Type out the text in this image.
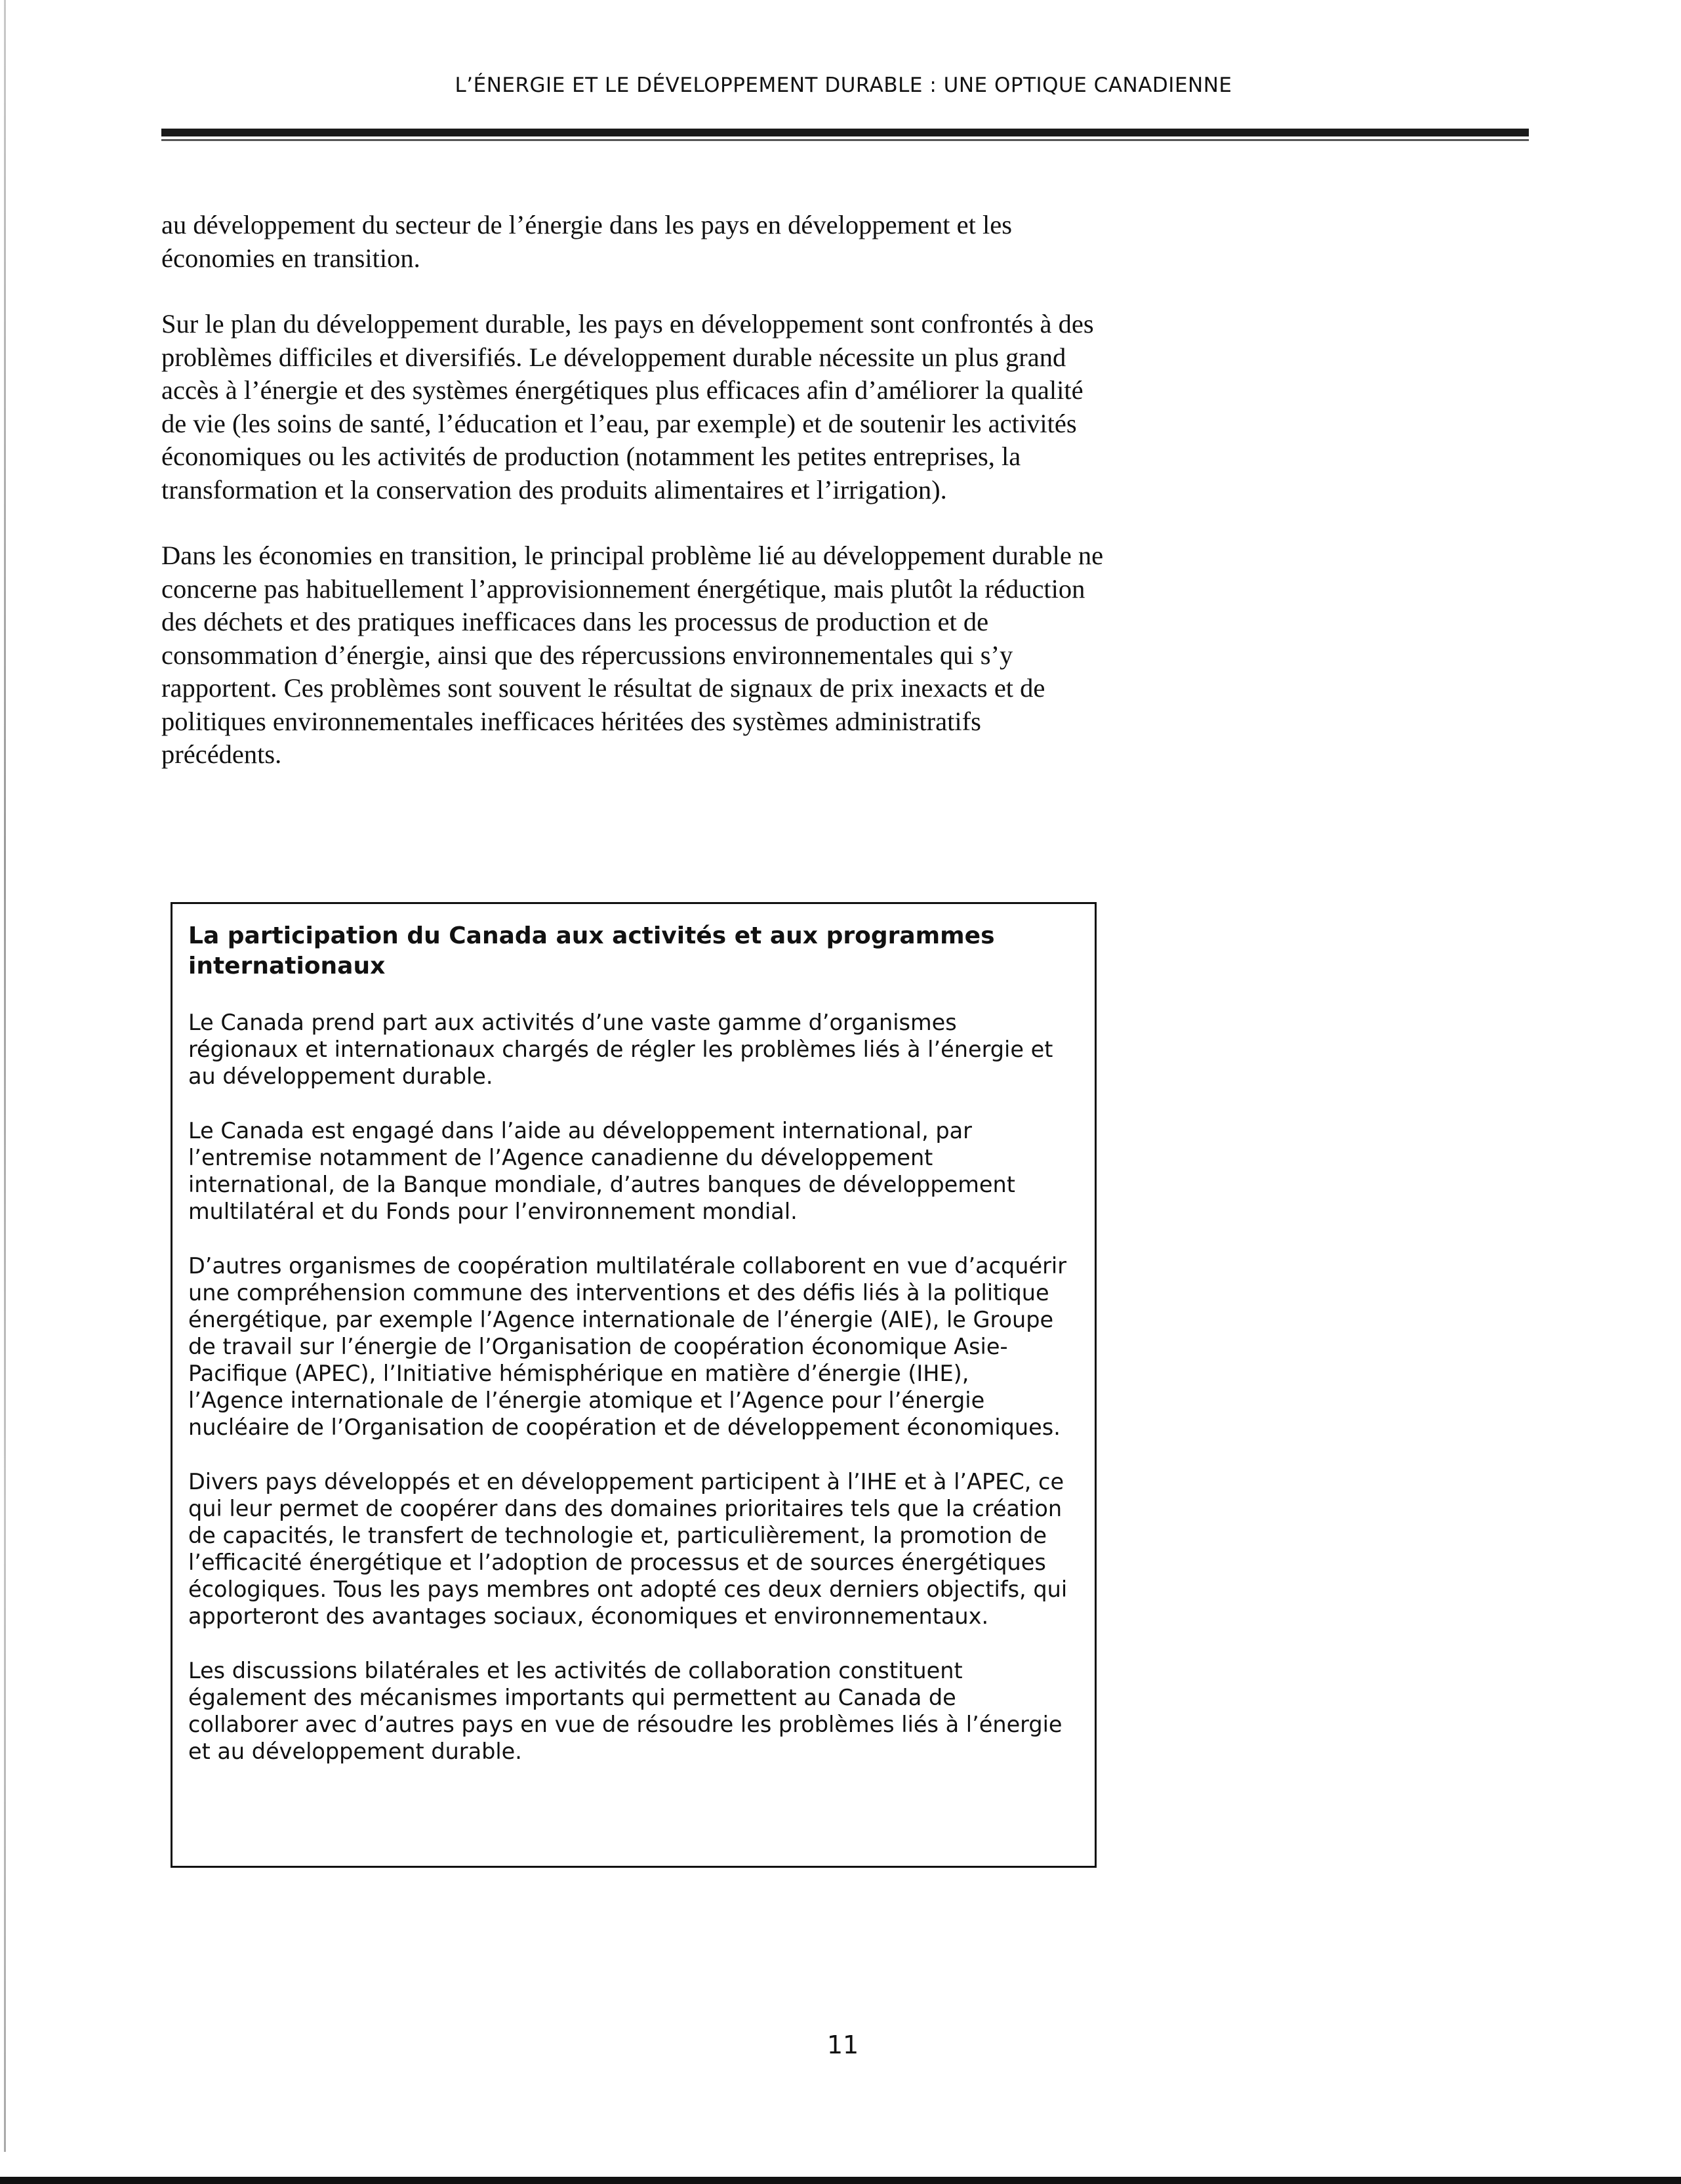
L’ÉNERGIE ET LE DÉVELOPPEMENT DURABLE : UNE OPTIQUE CANADIENNE

au développement du secteur de l’énergie dans les pays en développement et les économies en transition.

Sur le plan du développement durable, les pays en développement sont confrontés à des problèmes difficiles et diversifiés. Le développement durable nécessite un plus grand accès à l’énergie et des systèmes énergétiques plus efficaces afin d’améliorer la qualité de vie (les soins de santé, l’éducation et l’eau, par exemple) et de soutenir les activités économiques ou les activités de production (notamment les petites entreprises, la transformation et la conservation des produits alimentaires et l’irrigation).

Dans les économies en transition, le principal problème lié au développement durable ne concerne pas habituellement l’approvisionnement énergétique, mais plutôt la réduction des déchets et des pratiques inefficaces dans les processus de production et de consommation d’énergie, ainsi que des répercussions environnementales qui s’y rapportent. Ces problèmes sont souvent le résultat de signaux de prix inexacts et de politiques environnementales inefficaces héritées des systèmes administratifs précédents.

La participation du Canada aux activités et aux programmes internationaux

Le Canada prend part aux activités d’une vaste gamme d’organismes régionaux et internationaux chargés de régler les problèmes liés à l’énergie et au développement durable.

Le Canada est engagé dans l’aide au développement international, par l’entremise notamment de l’Agence canadienne du développement international, de la Banque mondiale, d’autres banques de développement multilatéral et du Fonds pour l’environnement mondial.

D’autres organismes de coopération multilatérale collaborent en vue d’acquérir une compréhension commune des interventions et des défis liés à la politique énergétique, par exemple l’Agence internationale de l’énergie (AIE), le Groupe de travail sur l’énergie de l’Organisation de coopération économique Asie-Pacifique (APEC), l’Initiative hémisphérique en matière d’énergie (IHE), l’Agence internationale de l’énergie atomique et l’Agence pour l’énergie nucléaire de l’Organisation de coopération et de développement économiques.

Divers pays développés et en développement participent à l’IHE et à l’APEC, ce qui leur permet de coopérer dans des domaines prioritaires tels que la création de capacités, le transfert de technologie et, particulièrement, la promotion de l’efficacité énergétique et l’adoption de processus et de sources énergétiques écologiques. Tous les pays membres ont adopté ces deux derniers objectifs, qui apporteront des avantages sociaux, économiques et environnementaux.

Les discussions bilatérales et les activités de collaboration constituent également des mécanismes importants qui permettent au Canada de collaborer avec d’autres pays en vue de résoudre les problèmes liés à l’énergie et au développement durable.

11
